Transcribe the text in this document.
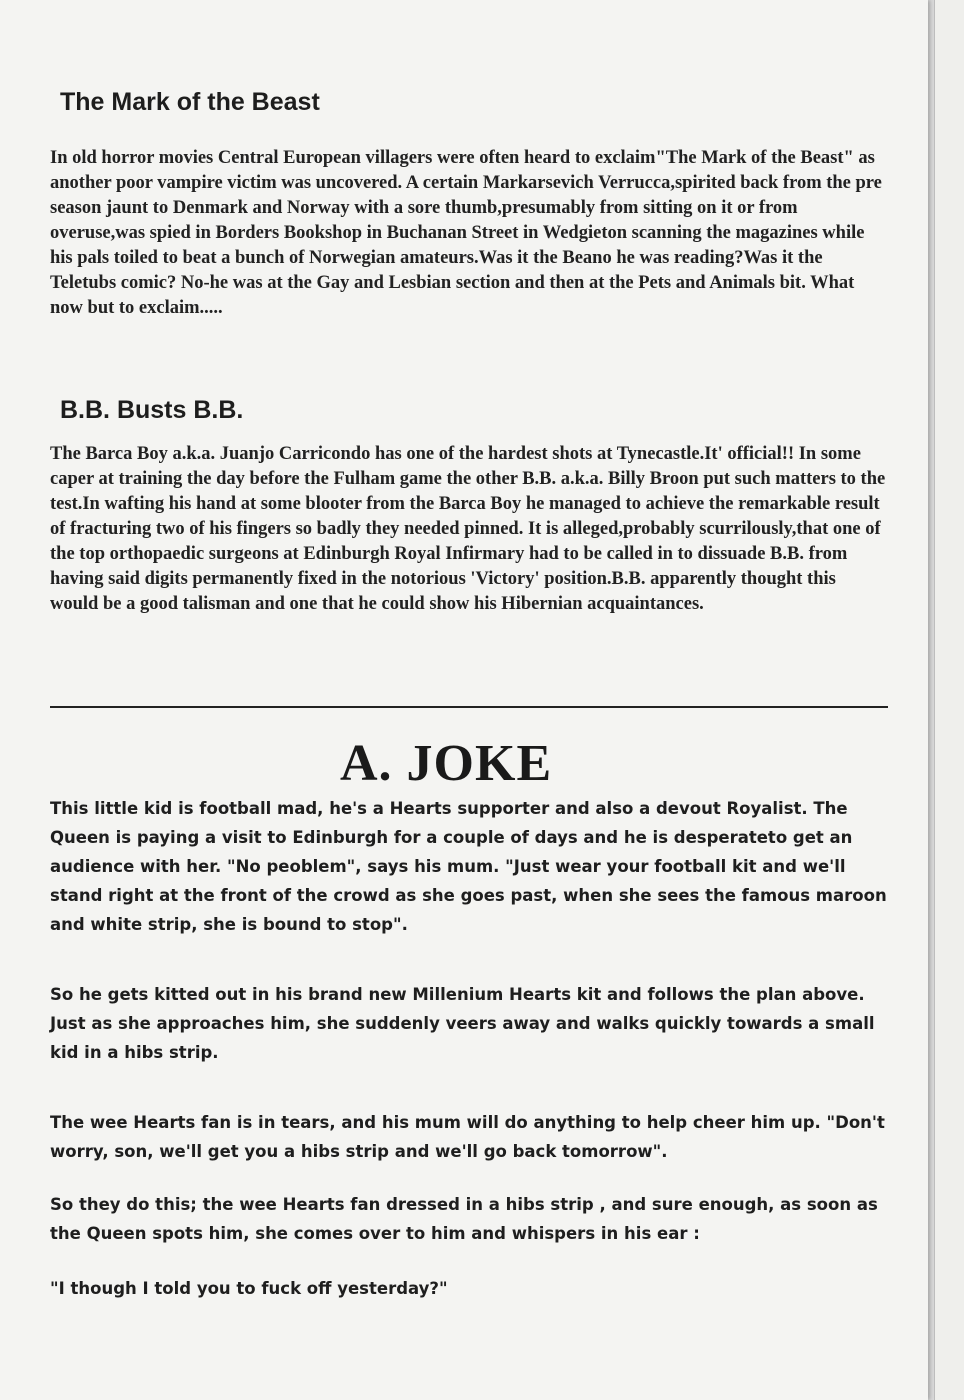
The Mark of the Beast

In old horror movies Central European villagers were often heard to exclaim"The Mark of the Beast" as another poor vampire victim was uncovered. A certain Markarsevich Verrucca,spirited back from the pre season jaunt to Denmark and Norway with a sore thumb,presumably from sitting on it or from overuse,was spied in Borders Bookshop in Buchanan Street in Wedgieton scanning the magazines while his pals toiled to beat a bunch of Norwegian amateurs.Was it the Beano he was reading?Was it the Teletubs comic? No-he was at the Gay and Lesbian section and then at the Pets and Animals bit. What now but to exclaim.....

B.B. Busts B.B.

The Barca Boy a.k.a. Juanjo Carricondo has one of the hardest shots at Tynecastle.It' official!! In some caper at training the day before the Fulham game the other B.B. a.k.a. Billy Broon put such matters to the test.In wafting his hand at some blooter from the Barca Boy he managed to achieve the remarkable result of fracturing two of his fingers so badly they needed pinned. It is alleged,probably scurrilously,that one of the top orthopaedic surgeons at Edinburgh Royal Infirmary had to be called in to dissuade B.B. from having said digits permanently fixed in the notorious 'Victory' position.B.B. apparently thought this would be a good talisman and one that he could show his Hibernian acquaintances.

A. JOKE

This little kid is football mad, he's a Hearts supporter and also a devout Royalist. The Queen is paying a visit to Edinburgh for a couple of days and he is desperateto get an audience with her. "No peoblem", says his mum. "Just wear your football kit and we'll stand right at the front of the crowd as she goes past, when she sees the famous maroon and white strip, she is bound to stop".

So he gets kitted out in his brand new Millenium Hearts kit and follows the plan above. Just as she approaches him, she suddenly veers away and walks quickly towards a small kid in a hibs strip.

The wee Hearts fan is in tears, and his mum will do anything to help cheer him up. "Don't worry, son, we'll get you a hibs strip and we'll go back tomorrow".

So they do this; the wee Hearts fan dressed in a hibs strip , and sure enough, as soon as the Queen spots him, she comes over to him and whispers in his ear :

"I though I told you to fuck off yesterday?"
